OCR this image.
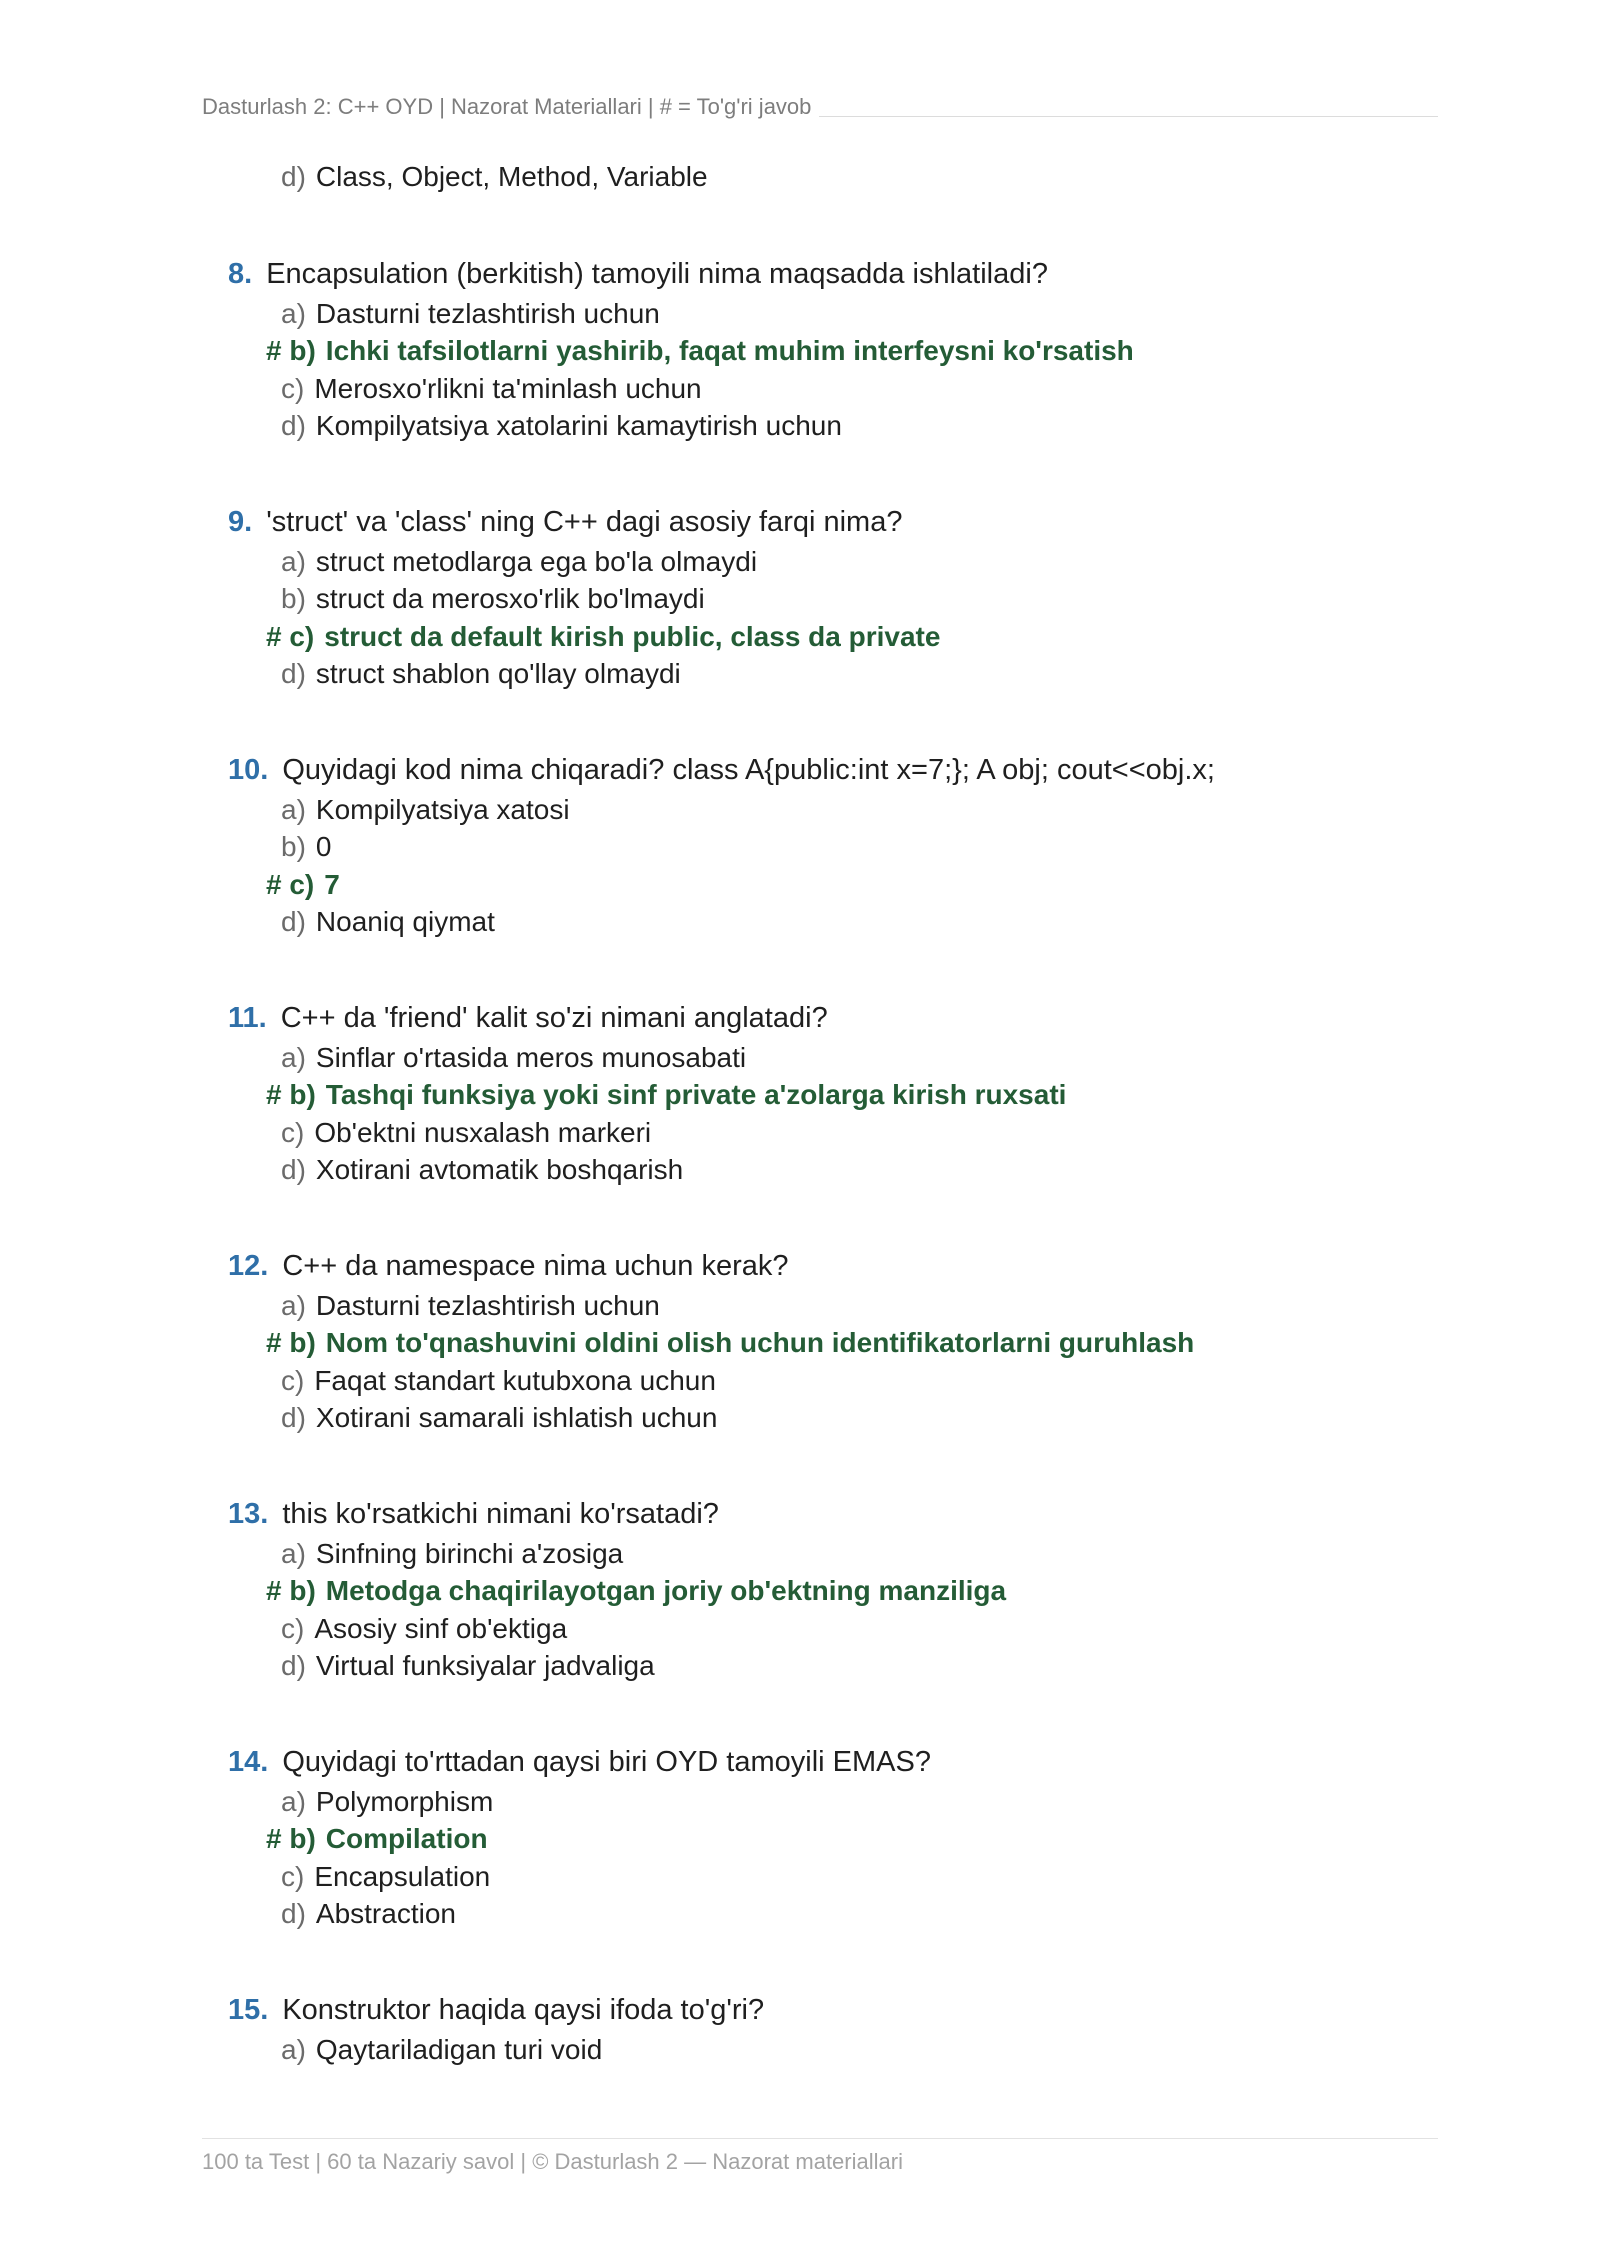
Dasturlash 2: C++ OYD | Nazorat Materiallari | # = To'g'ri javob
d) Class, Object, Method, Variable
8. Encapsulation (berkitish) tamoyili nima maqsadda ishlatiladi?
a) Dasturni tezlashtirish uchun
# b) Ichki tafsilotlarni yashirib, faqat muhim interfeysni ko'rsatish
c) Merosxo'rlikni ta'minlash uchun
d) Kompilyatsiya xatolarini kamaytirish uchun
9. 'struct' va 'class' ning C++ dagi asosiy farqi nima?
a) struct metodlarga ega bo'la olmaydi
b) struct da merosxo'rlik bo'lmaydi
# c) struct da default kirish public, class da private
d) struct shablon qo'llay olmaydi
10. Quyidagi kod nima chiqaradi? class A{public:int x=7;}; A obj; cout<<obj.x;
a) Kompilyatsiya xatosi
b) 0
# c) 7
d) Noaniq qiymat
11. C++ da 'friend' kalit so'zi nimani anglatadi?
a) Sinflar o'rtasida meros munosabati
# b) Tashqi funksiya yoki sinf private a'zolarga kirish ruxsati
c) Ob'ektni nusxalash markeri
d) Xotirani avtomatik boshqarish
12. C++ da namespace nima uchun kerak?
a) Dasturni tezlashtirish uchun
# b) Nom to'qnashuvini oldini olish uchun identifikatorlarni guruhlash
c) Faqat standart kutubxona uchun
d) Xotirani samarali ishlatish uchun
13. this ko'rsatkichi nimani ko'rsatadi?
a) Sinfning birinchi a'zosiga
# b) Metodga chaqirilayotgan joriy ob'ektning manziliga
c) Asosiy sinf ob'ektiga
d) Virtual funksiyalar jadvaliga
14. Quyidagi to'rttadan qaysi biri OYD tamoyili EMAS?
a) Polymorphism
# b) Compilation
c) Encapsulation
d) Abstraction
15. Konstruktor haqida qaysi ifoda to'g'ri?
a) Qaytariladigan turi void
100 ta Test | 60 ta Nazariy savol | © Dasturlash 2 — Nazorat materiallari
